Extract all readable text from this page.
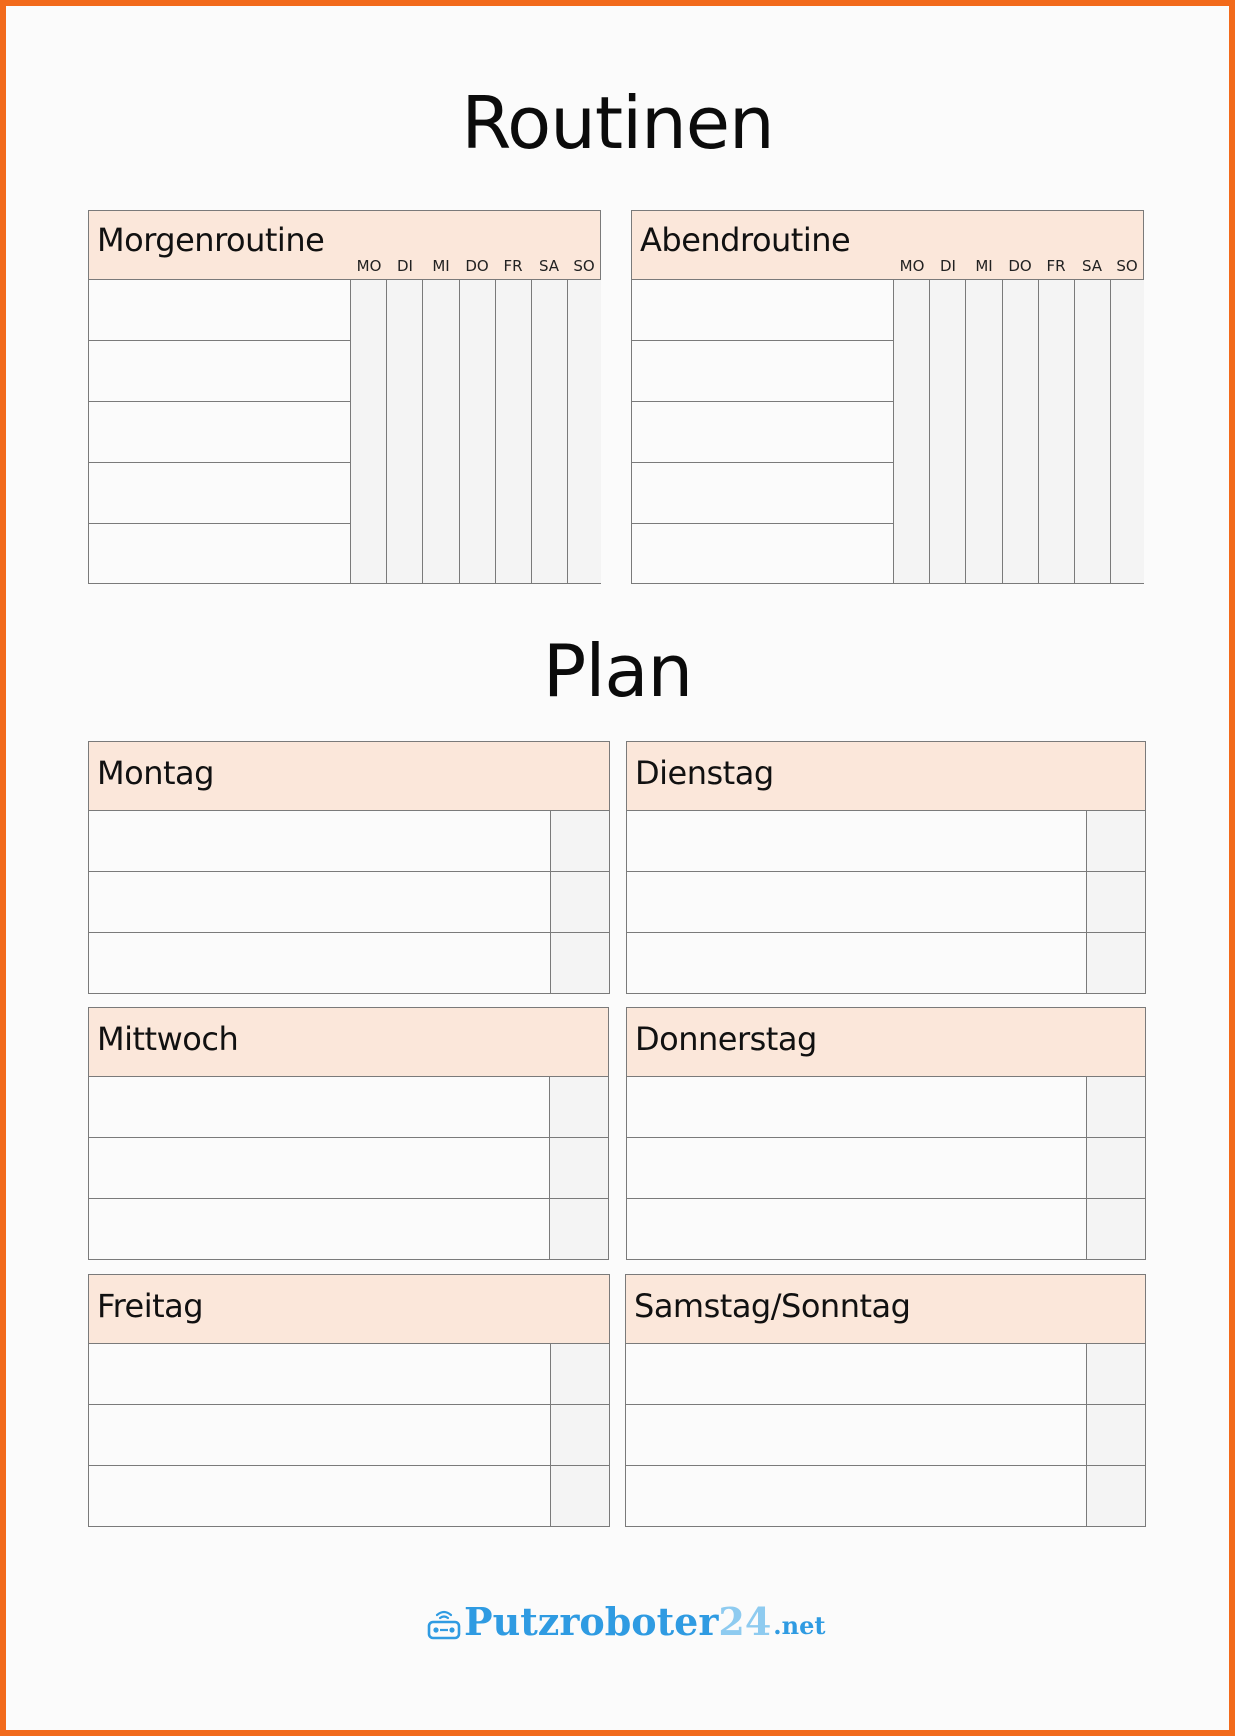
Routinen
Morgenroutine
MO	DI	MI	DO FR	SA SO
Abendroutine
MO	DI	MI	DO FR	SA SO
Plan
Montag	Dienstag
Mittwoch	Donnerstag
Freitag	Samstag/Sonntag
Putzroboter 24 .net
